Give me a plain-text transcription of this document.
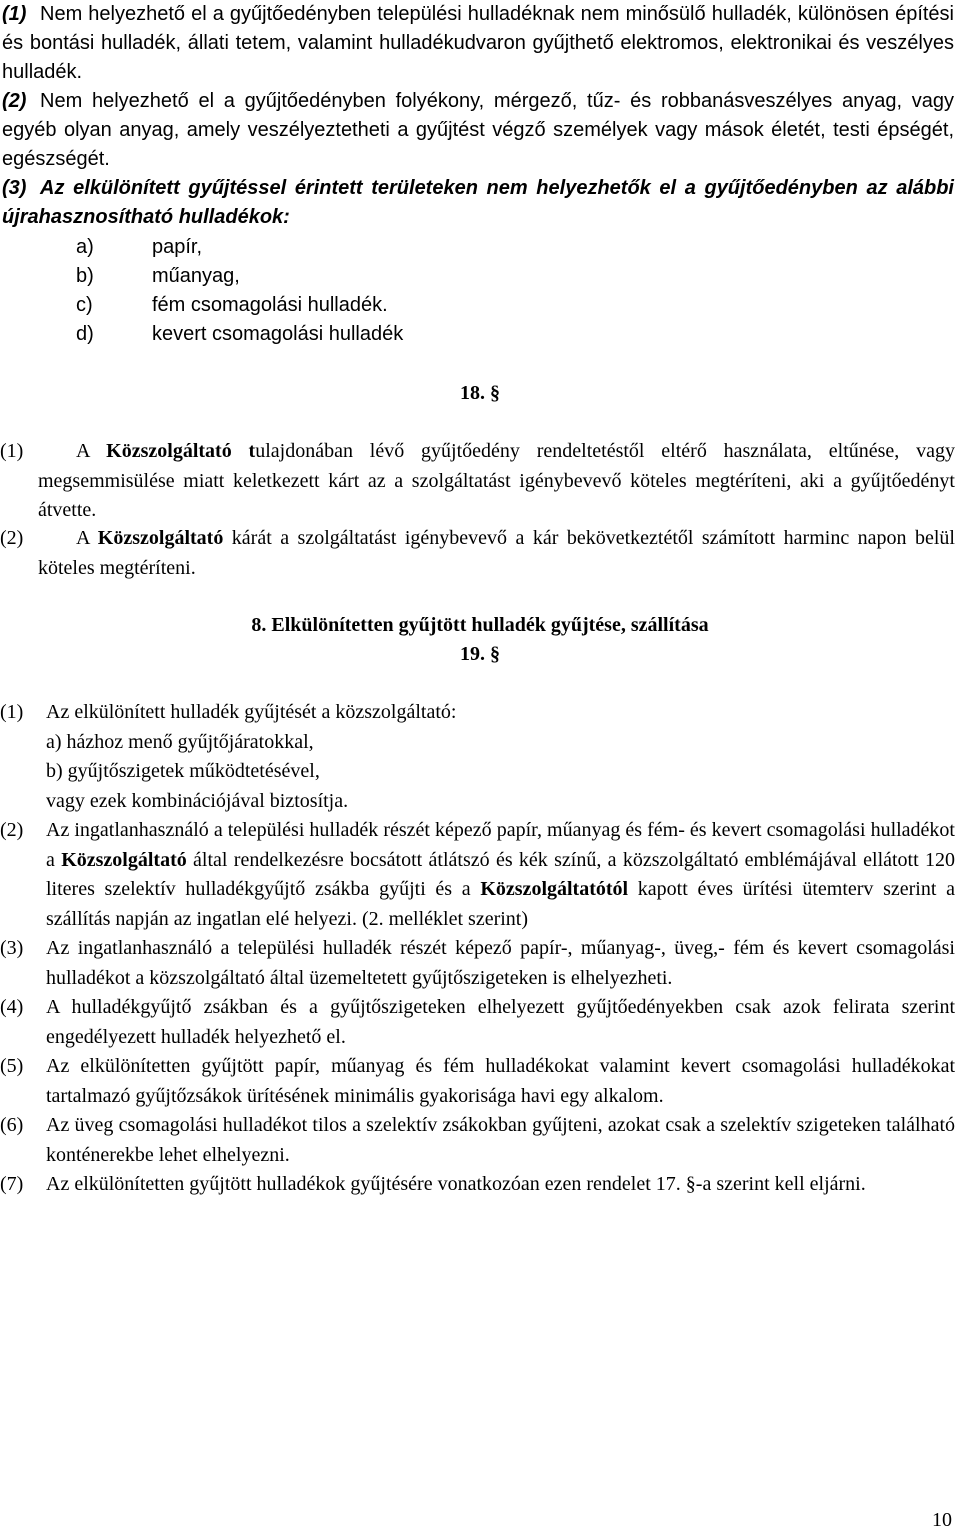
(1) Nem helyezhető el a gyűjtőedényben települési hulladéknak nem minősülő hulladék, különösen építési és bontási hulladék, állati tetem, valamint hulladékudvaron gyűjthető elektromos, elektronikai és veszélyes hulladék.
(2) Nem helyezhető el a gyűjtőedényben folyékony, mérgező, tűz- és robbanásveszélyes anyag, vagy egyéb olyan anyag, amely veszélyeztetheti a gyűjtést végző személyek vagy mások életét, testi épségét, egészségét.
(3) Az elkülönített gyűjtéssel érintett területeken nem helyezhetők el a gyűjtőedényben az alábbi újrahasznosítható hulladékok:
a)	papír,
b)	műanyag,
c)	fém csomagolási hulladék.
d)	kevert csomagolási hulladék
18. §
(1)	A Közszolgáltató tulajdonában lévő gyűjtőedény rendeltetéstől eltérő használata, eltűnése, vagy megsemmisülése miatt keletkezett kárt az a szolgáltatást igénybevevő köteles megtéríteni, aki a gyűjtőedényt átvette.
(2)	A Közszolgáltató kárát a szolgáltatást igénybevevő a kár bekövetkeztétől számított harminc napon belül köteles megtéríteni.
8. Elkülönítetten gyűjtött hulladék gyűjtése, szállítása
19. §
(1) Az elkülönített hulladék gyűjtését a közszolgáltató:
a) házhoz menő gyűjtőjáratokkal,
b) gyűjtőszigetek működtetésével,
vagy ezek kombinációjával biztosítja.
(2) Az ingatlanhasználó a települési hulladék részét képező papír, műanyag és fém- és kevert csomagolási hulladékot a Közszolgáltató által rendelkezésre bocsátott átlátszó és kék színű, a közszolgáltató emblémájával ellátott 120 literes szelektív hulladékgyűjtő zsákba gyűjti és a Közszolgáltatótól kapott éves ürítési ütemterv szerint a szállítás napján az ingatlan elé helyezi. (2. melléklet szerint)
(3) Az ingatlanhasználó a települési hulladék részét képező papír-, műanyag-, üveg,- fém és kevert csomagolási hulladékot a közszolgáltató által üzemeltetett gyűjtőszigeteken is elhelyezheti.
(4) A hulladékgyűjtő zsákban és a gyűjtőszigeteken elhelyezett gyűjtőedényekben csak azok felirata szerint engedélyezett hulladék helyezhető el.
(5) Az elkülönítetten gyűjtött papír, műanyag és fém hulladékokat valamint kevert csomagolási hulladékokat tartalmazó gyűjtőzsákok ürítésének minimális gyakorisága havi egy alkalom.
(6) Az üveg csomagolási hulladékot tilos a szelektív zsákokban gyűjteni, azokat csak a szelektív szigeteken található konténerekbe lehet elhelyezni.
(7) Az elkülönítetten gyűjtött hulladékok gyűjtésére vonatkozóan ezen rendelet 17. §-a szerint kell eljárni.
10
